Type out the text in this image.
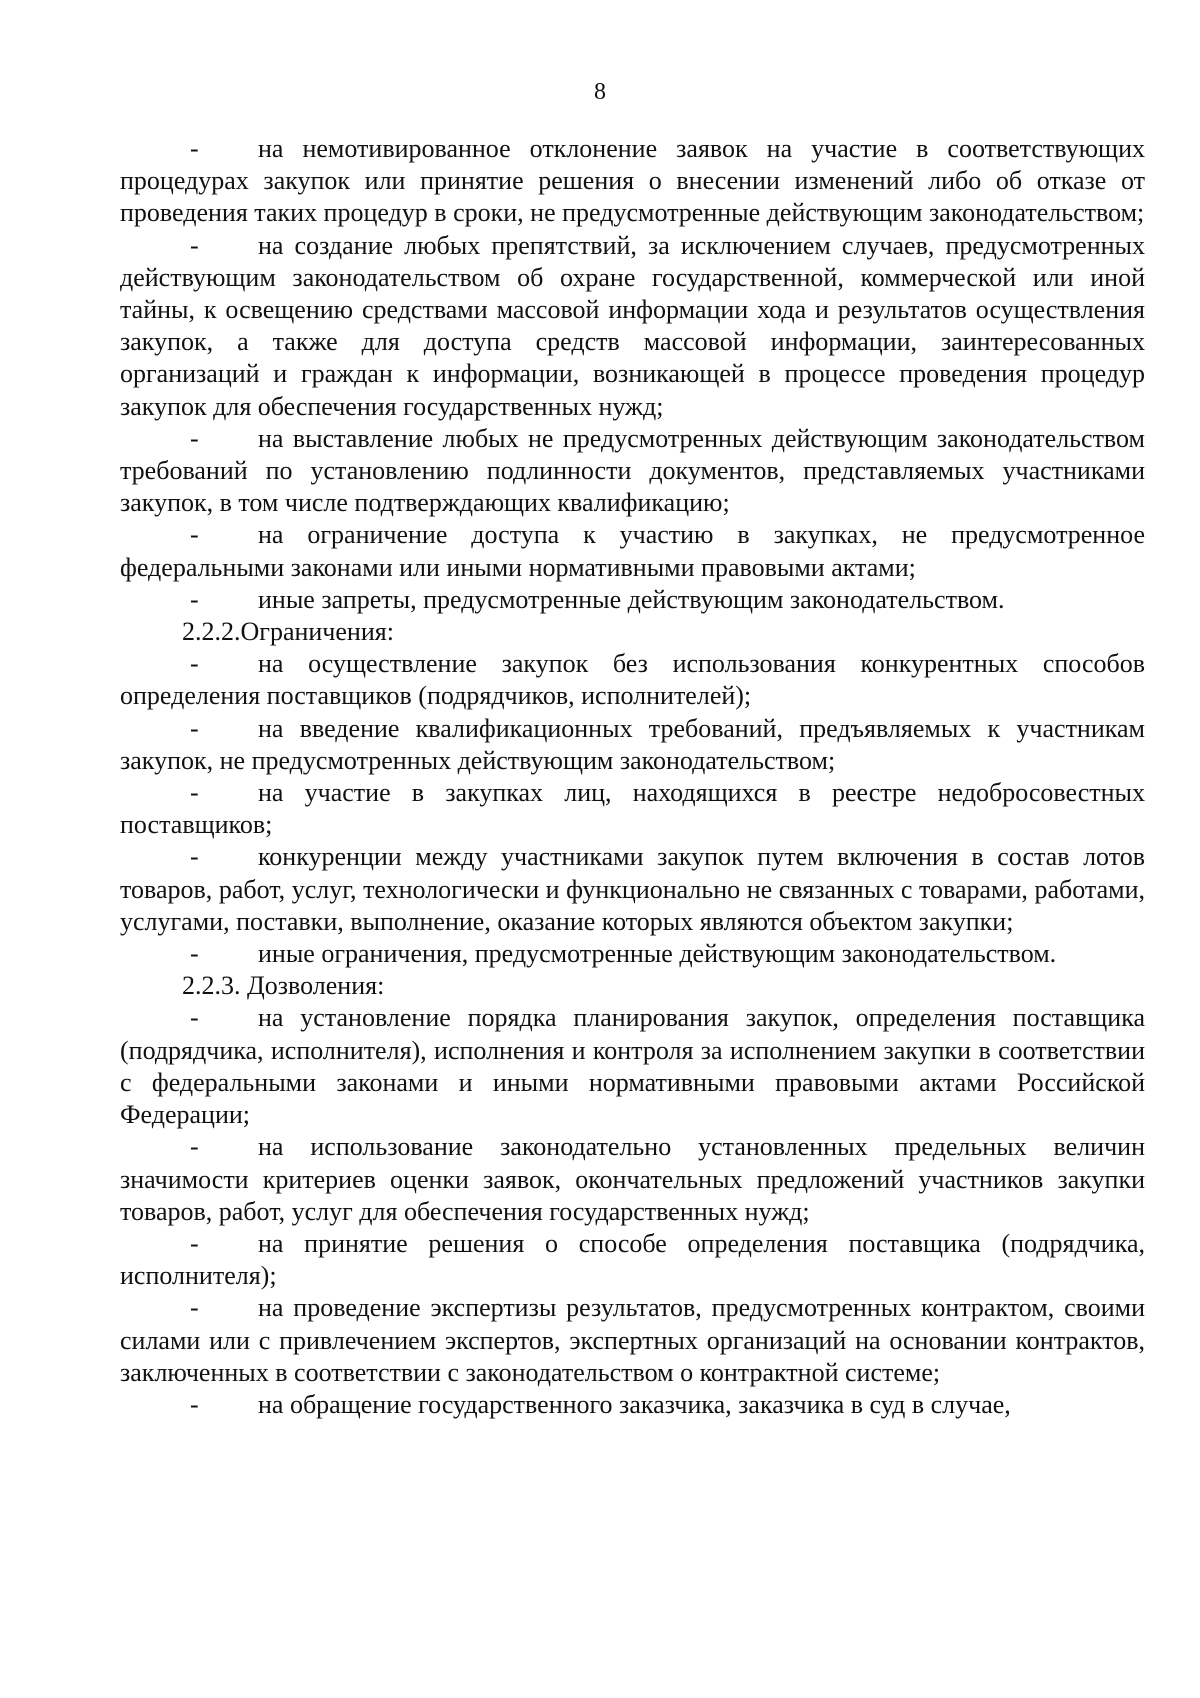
8

- на немотивированное отклонение заявок на участие в соответствующих процедурах закупок или принятие решения о внесении изменений либо об отказе от проведения таких процедур в сроки, не предусмотренные действующим законодательством;

- на создание любых препятствий, за исключением случаев, предусмотренных действующим законодательством об охране государственной, коммерческой или иной тайны, к освещению средствами массовой информации хода и результатов осуществления закупок, а также для доступа средств массовой информации, заинтересованных организаций и граждан к информации, возникающей в процессе проведения процедур закупок для обеспечения государственных нужд;

- на выставление любых не предусмотренных действующим законодательством требований по установлению подлинности документов, представляемых участниками закупок, в том числе подтверждающих квалификацию;

- на ограничение доступа к участию в закупках, не предусмотренное федеральными законами или иными нормативными правовыми актами;

- иные запреты, предусмотренные действующим законодательством.

2.2.2.Ограничения:

- на осуществление закупок без использования конкурентных способов определения поставщиков (подрядчиков, исполнителей);

- на введение квалификационных требований, предъявляемых к участникам закупок, не предусмотренных действующим законодательством;

- на участие в закупках лиц, находящихся в реестре недобросовестных поставщиков;

- конкуренции между участниками закупок путем включения в состав лотов товаров, работ, услуг, технологически и функционально не связанных с товарами, работами, услугами, поставки, выполнение, оказание которых являются объектом закупки;

- иные ограничения, предусмотренные действующим законодательством.

2.2.3. Дозволения:

- на установление порядка планирования закупок, определения поставщика (подрядчика, исполнителя), исполнения и контроля за исполнением закупки в соответствии с федеральными законами и иными нормативными правовыми актами Российской Федерации;

- на использование законодательно установленных предельных величин значимости критериев оценки заявок, окончательных предложений участников закупки товаров, работ, услуг для обеспечения государственных нужд;

- на принятие решения о способе определения поставщика (подрядчика, исполнителя);

- на проведение экспертизы результатов, предусмотренных контрактом, своими силами или с привлечением экспертов, экспертных организаций на основании контрактов, заключенных в соответствии с законодательством о контрактной системе;

- на обращение государственного заказчика, заказчика в суд в случае,
